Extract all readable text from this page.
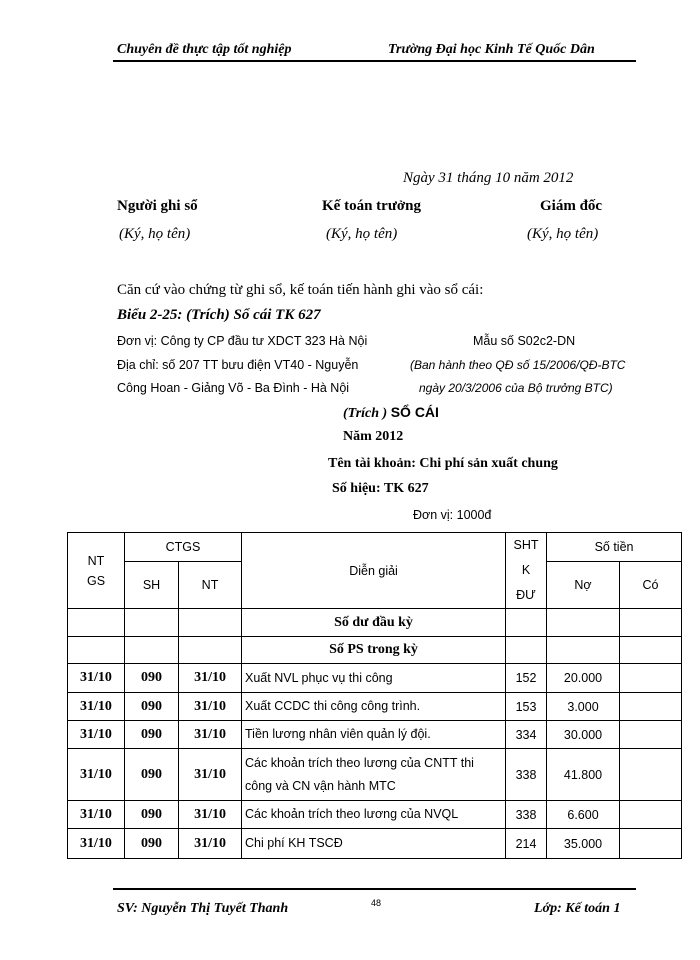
Chuyên đề thực tập tốt nghiệp	Trường Đại học Kinh Tế Quốc Dân
Ngày 31 tháng 10 năm 2012
Người ghi sổ	Kế toán trưởng	Giám đốc
(Ký, họ tên)	(Ký, họ tên)	(Ký, họ tên)
Căn cứ vào chứng từ ghi sổ, kế toán tiến hành ghi vào sổ cái:
Biểu 2-25: (Trích) Sổ cái TK 627
Đơn vị: Công ty CP đầu tư XDCT 323 Hà Nội
Địa chỉ: số 207 TT bưu điện VT40 - Nguyễn
Công Hoan - Giảng Võ - Ba Đình - Hà Nội
Mẫu số S02c2-DN
(Ban hành theo QĐ số 15/2006/QĐ-BTC
ngày 20/3/2006 của Bộ trưởng BTC)
(Trích ) SỔ CÁI
Năm 2012
Tên tài khoản: Chi phí sản xuất chung
Số hiệu: TK 627
Đơn vị: 1000đ
NT GS	CTGS		Diễn giải	SHT K ĐƯ	Số tiền	
	SH	NT			Nợ	Có
			Số dư đầu kỳ			
			Số PS trong kỳ			
31/10	090	31/10	Xuất NVL phục vụ thi công	152	20.000	
31/10	090	31/10	Xuất CCDC thi công công trình.	153	3.000	
31/10	090	31/10	Tiền lương nhân viên quản lý đội.	334	30.000	
31/10	090	31/10	Các khoản trích theo lương của CNTT thi công và CN vận hành MTC	338	41.800	
31/10	090	31/10	Các khoản trích theo lương của NVQL	338	6.600	
31/10	090	31/10	Chi phí KH TSCĐ	214	35.000	
48
SV: Nguyễn Thị Tuyết Thanh	Lớp: Kế toán 1
